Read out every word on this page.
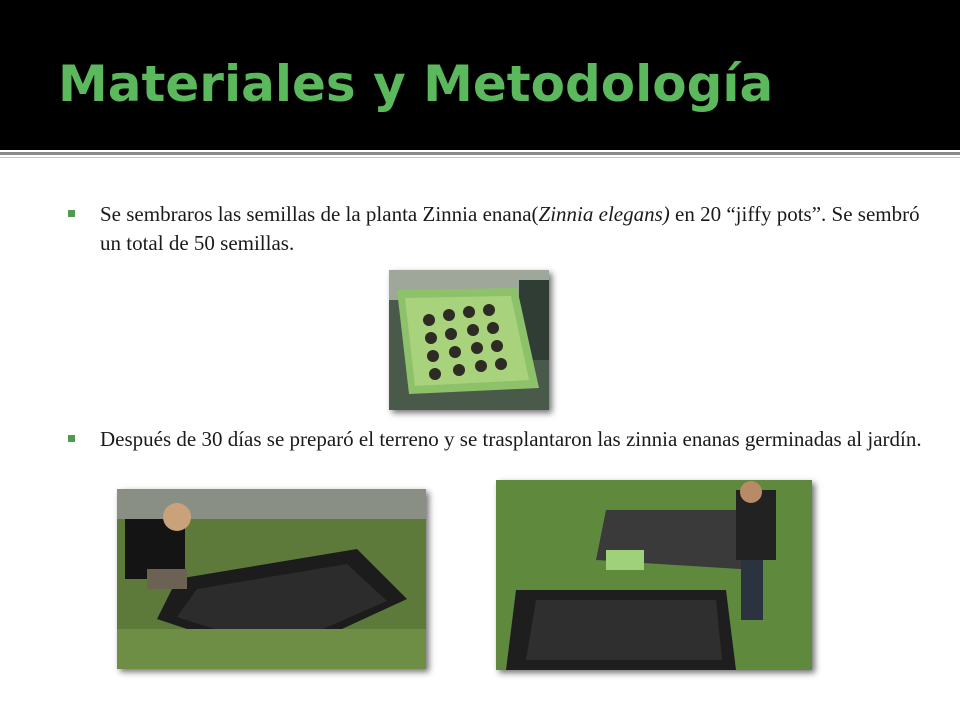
Materiales y Metodología
Se sembraros las semillas de la planta Zinnia enana(Zinnia elegans) en 20 “jiffy pots”. Se sembró un total de 50 semillas.
Después de 30 días se preparó el terreno y se trasplantaron las zinnia enanas germinadas al jardín.
